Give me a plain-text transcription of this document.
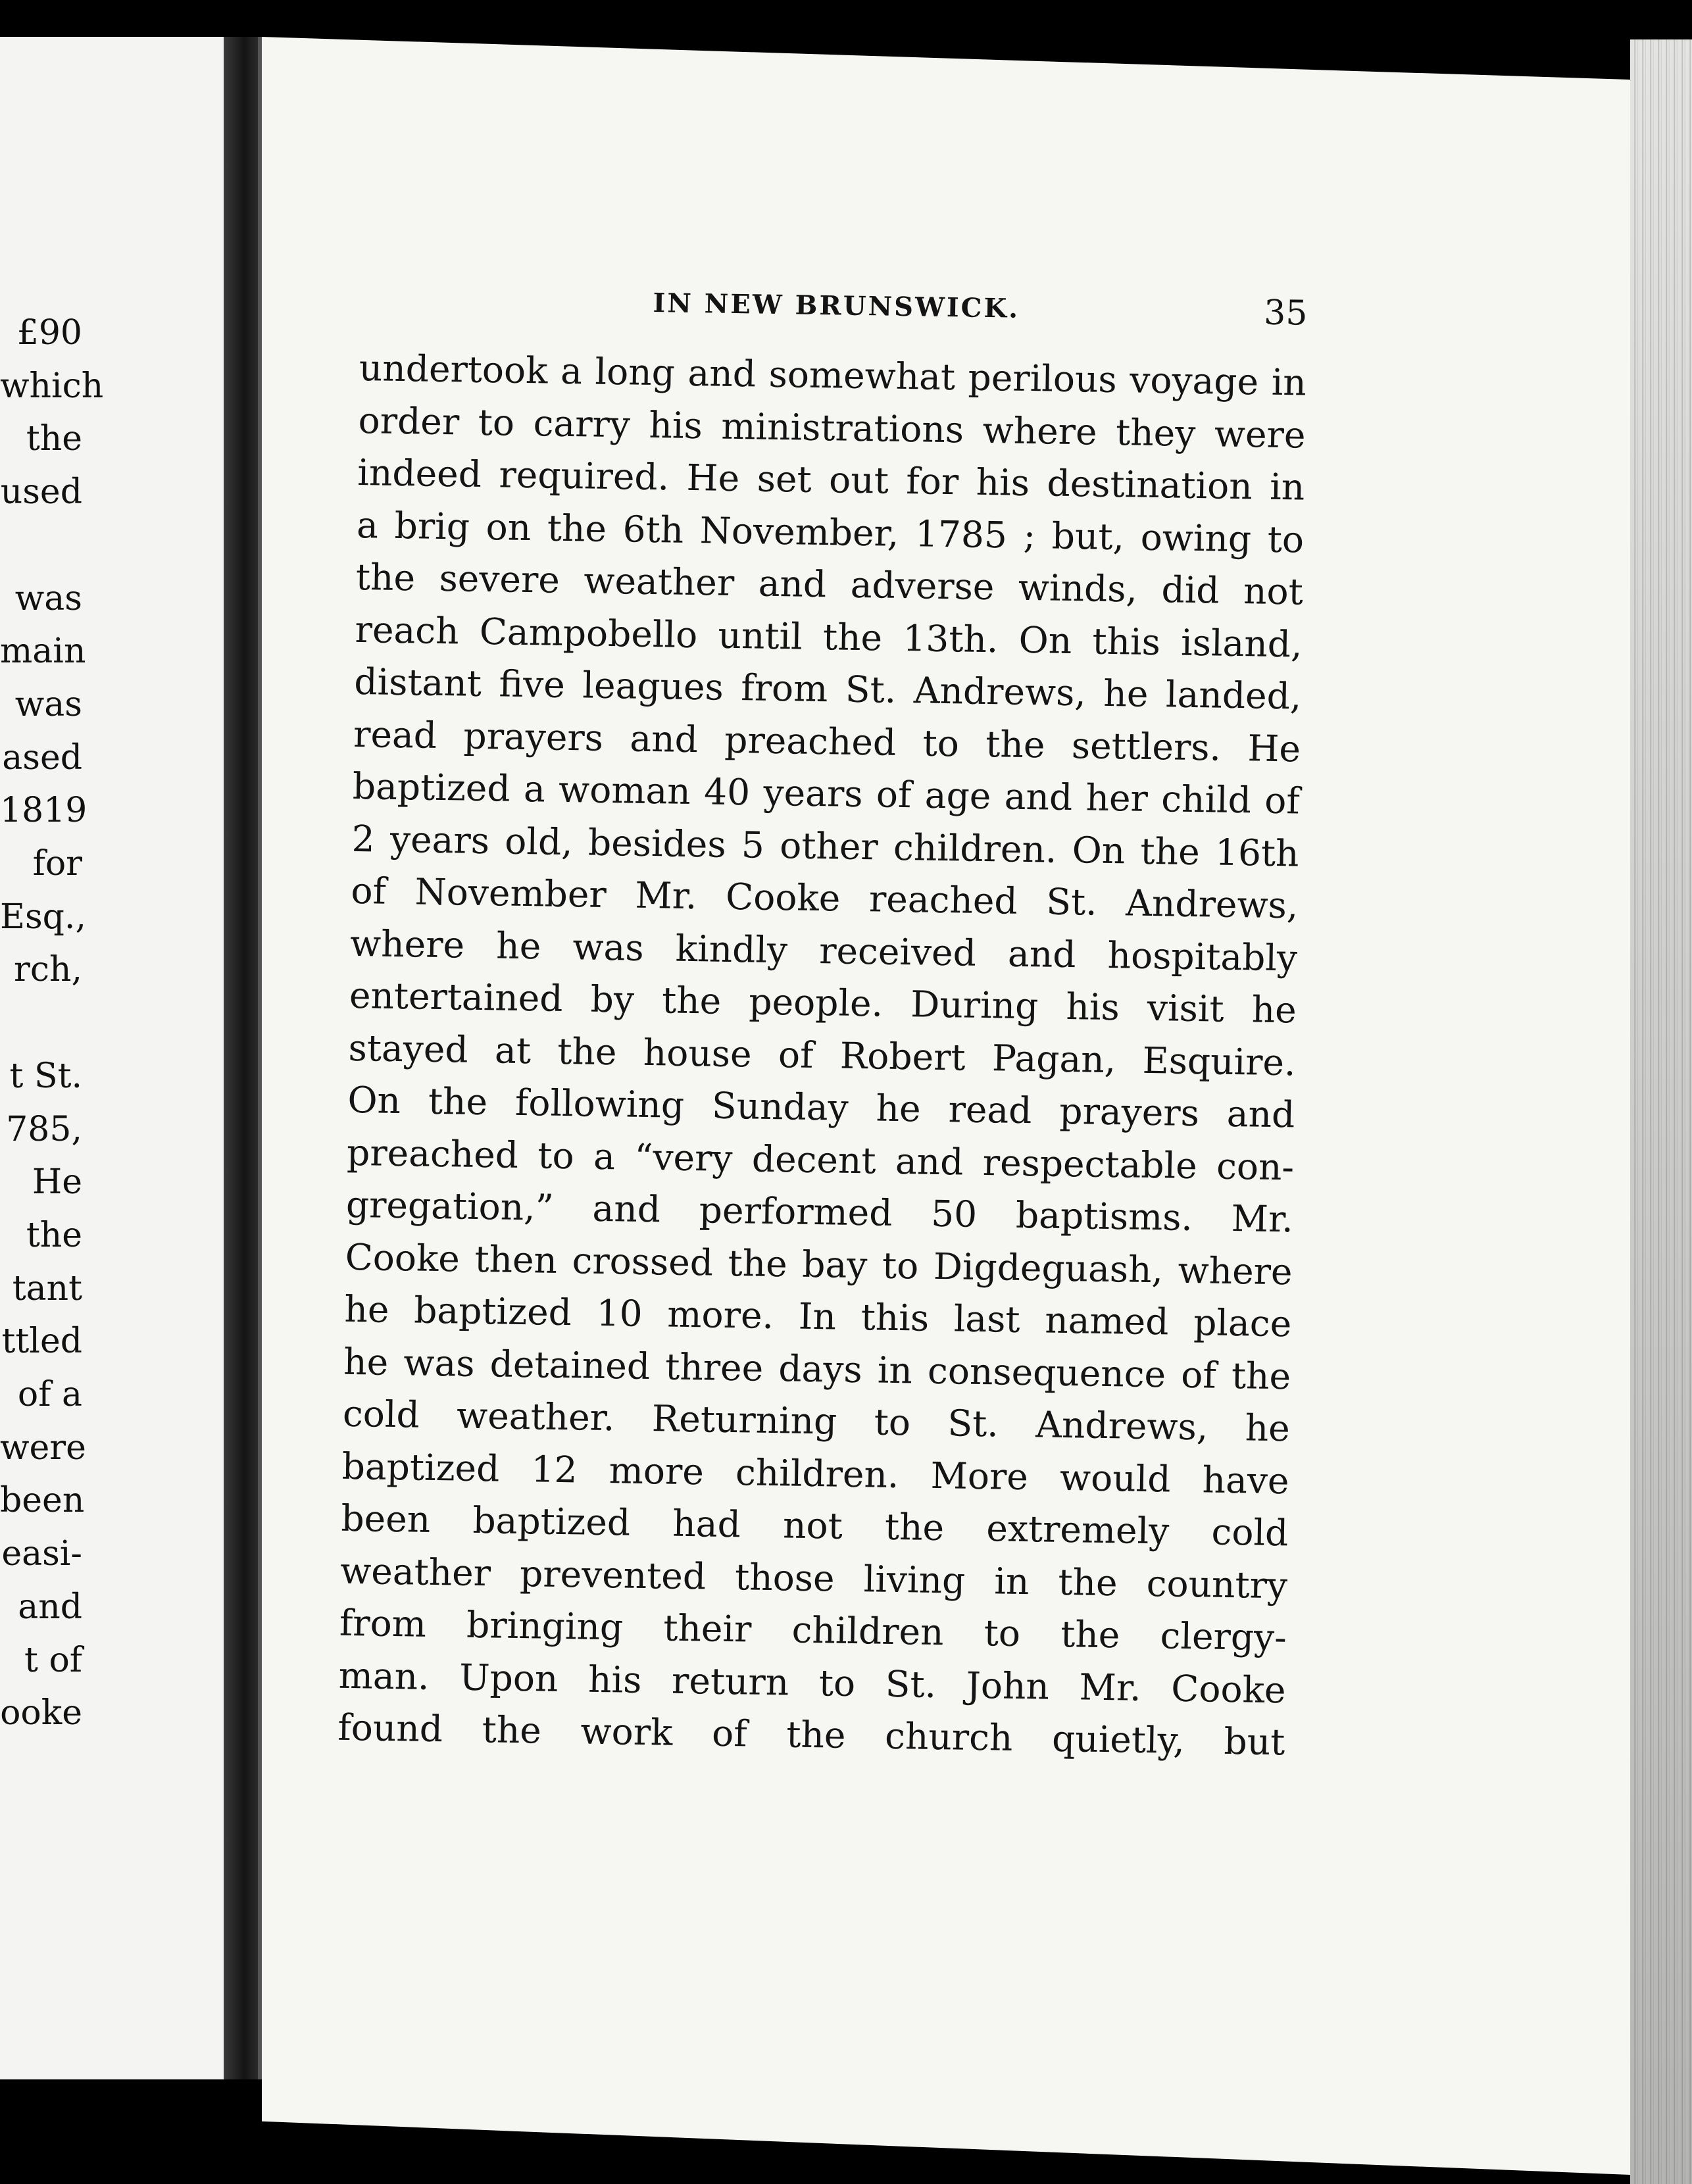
£90
which
the
used
was
main
was
ased
1819
for
Esq.,
rch,
t St.
785,
He
the
tant
ttled
of a
were
been
easi-
and
t of
ooke
IN NEW BRUNSWICK.	35
undertook a long and somewhat perilous voyage in
order to carry his ministrations where they were
indeed required. He set out for his destination in
a brig on the 6th November, 1785 ; but, owing to
the severe weather and adverse winds, did not
reach Campobello until the 13th. On this island,
distant five leagues from St. Andrews, he landed,
read prayers and preached to the settlers. He
baptized a woman 40 years of age and her child of
2 years old, besides 5 other children. On the 16th
of November Mr. Cooke reached St. Andrews,
where he was kindly received and hospitably
entertained by the people. During his visit he
stayed at the house of Robert Pagan, Esquire.
On the following Sunday he read prayers and
preached to a “very decent and respectable con-
gregation,” and performed 50 baptisms. Mr.
Cooke then crossed the bay to Digdeguash, where
he baptized 10 more. In this last named place
he was detained three days in consequence of the
cold weather. Returning to St. Andrews, he
baptized 12 more children. More would have
been baptized had not the extremely cold
weather prevented those living in the country
from bringing their children to the clergy-
man. Upon his return to St. John Mr. Cooke
found the work of the church quietly, but
